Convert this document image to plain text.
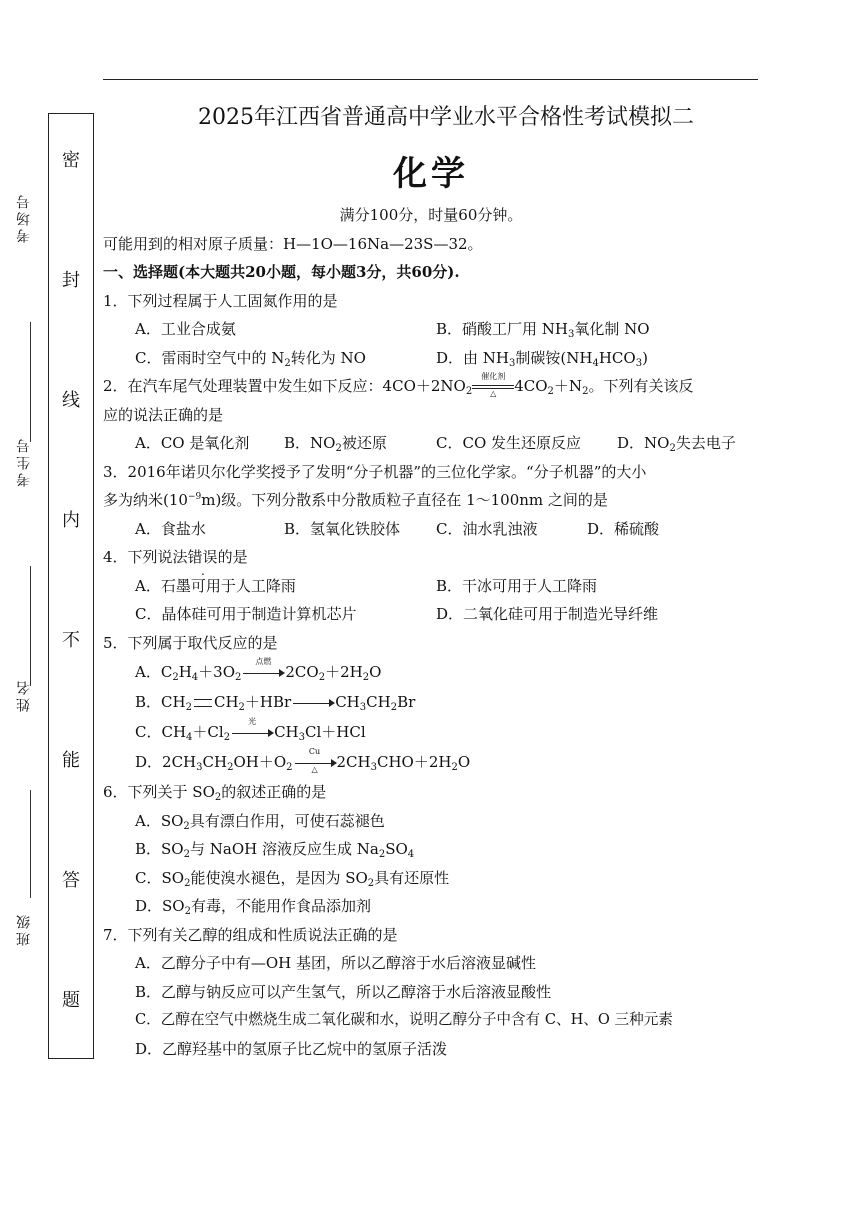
密
封
线
内
不
能
答
题
考场号
考生号
姓名
班级
2025年江西省普通高中学业水平合格性考试模拟二
化学
满分100分，时量60分钟。
可能用到的相对原子质量：H—1O—16Na—23S—32。
一、选择题(本大题共20小题，每小题3分，共60分).
1．下列过程属于人工固氮作用的是
A．工业合成氨	B．硝酸工厂用 $NH_3$氧化制 NO
C．雷雨时空气中的 $N_2$转化为 NO	D．由 $NH_3$制碳铵$(NH_4HCO_3)$
2．在汽车尾气处理装置中发生如下反应：$4CO+2NO_2$
催化剂
△	$4CO_2+N_2$。下列有关该反
应的说法正确的是
A．CO 是氧化剂 B．$NO_2$被还原	C．CO 发生还原反应 D．$NO_2$失去电子
3．2016年诺贝尔化学奖授予了发明“分子机器”的三位化学家。“分子机器”的大小
多为纳米$(10^{-9}m)$级。下列分散系中分散质粒子直径在 1～100nm 之间的是
A．食盐水	B．氢氧化铁胶体 C．油水乳浊液	D．稀硫酸
4．下列说法错误的是
A．石墨可用于人工降雨	B．干冰可用于人工降雨
C．晶体硅可用于制造计算机芯片	D．二氧化硅可用于制造光导纤维
5．下列属于取代反应的是
A．$C_2H_4+3O_2$
点燃
$2CO_2+2H_2O$
B．$CH_2$ $CH_2+HBr$	$CH_3CH_2Br$
C．$CH_4+Cl_2$
光
$CH_3Cl+HCl$
D．$2CH_3CH_2OH+O_2$
Cu
△	$2CH_3CHO+2H_2O$
6．下列关于 $SO_2$的叙述正确的是
A．$SO_2$具有漂白作用，可使石蕊褪色
B．$SO_2$与 NaOH 溶液反应生成 $Na_2SO_4$
C．$SO_2$能使溴水褪色，是因为 $SO_2$具有还原性
D．$SO_2$有毒，不能用作食品添加剂
7．下列有关乙醇的组成和性质说法正确的是
A．乙醇分子中有—OH 基团，所以乙醇溶于水后溶液显碱性
B．乙醇与钠反应可以产生氢气，所以乙醇溶于水后溶液显酸性
C．乙醇在空气中燃烧生成二氧化碳和水，说明乙醇分子中含有 C、H、O 三种元素
D．乙醇羟基中的氢原子比乙烷中的氢原子活泼
